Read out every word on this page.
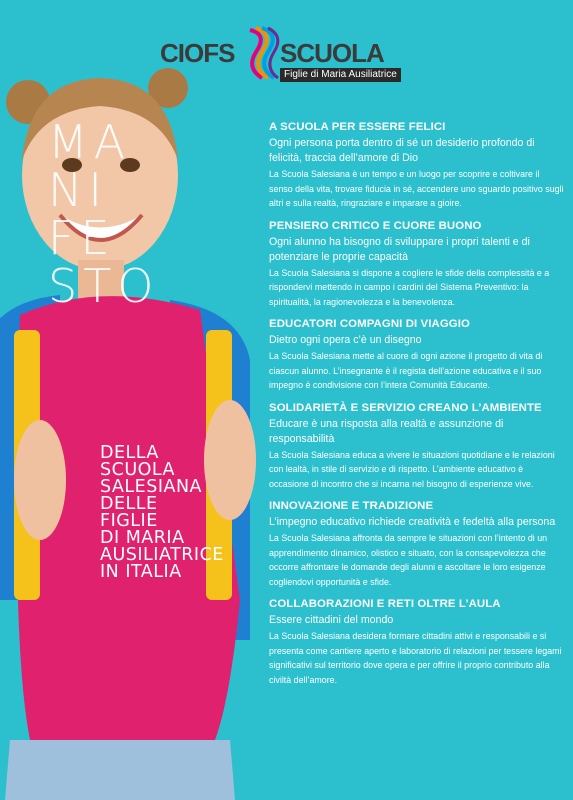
CIOFS SCUOLA
Figlie di Maria Ausiliatrice
MA
NI
FE
STO
DELLA
SCUOLA
SALESIANA
DELLE
FIGLIE
DI MARIA
AUSILIATRICE
IN ITALIA
A SCUOLA PER ESSERE FELICI
Ogni persona porta dentro di sé un desiderio profondo di felicità, traccia dell’amore di Dio
La Scuola Salesiana è un tempo e un luogo per scoprire e coltivare il senso della vita, trovare fiducia in sé, accendere uno sguardo positivo sugli altri e sulla realtà, ringraziare e imparare a gioire.
PENSIERO CRITICO E CUORE BUONO
Ogni alunno ha bisogno di sviluppare i propri talenti e di potenziare le proprie capacità
La Scuola Salesiana si dispone a cogliere le sfide della complessità e a rispondervi mettendo in campo i cardini del Sistema Preventivo: la spiritualità, la ragionevolezza e la benevolenza.
EDUCATORI COMPAGNI DI VIAGGIO
Dietro ogni opera c’è un disegno
La Scuola Salesiana mette al cuore di ogni azione il progetto di vita di ciascun alunno. L’insegnante è il regista dell’azione educativa e il suo impegno è condivisione con l’intera Comunità Educante.
SOLIDARIETÀ E SERVIZIO CREANO L’AMBIENTE
Educare è una risposta alla realtà e assunzione di responsabilità
La Scuola Salesiana educa a vivere le situazioni quotidiane e le relazioni con lealtà, in stile di servizio e di rispetto. L’ambiente educativo è occasione di incontro che si incarna nel bisogno di esperienze vive.
INNOVAZIONE E TRADIZIONE
L’impegno educativo richiede creatività e fedeltà alla persona
La Scuola Salesiana affronta da sempre le situazioni con l’intento di un apprendimento dinamico, olistico e situato, con la consapevolezza che occorre affrontare le domande degli alunni e ascoltare le loro esigenze cogliendovi opportunità e sfide.
COLLABORAZIONI E RETI OLTRE L’AULA
Essere cittadini del mondo
La Scuola Salesiana desidera formare cittadini attivi e responsabili e si presenta come cantiere aperto e laboratorio di relazioni per tessere legami significativi sul territorio dove opera e per offrire il proprio contributo alla civiltà dell’amore.
